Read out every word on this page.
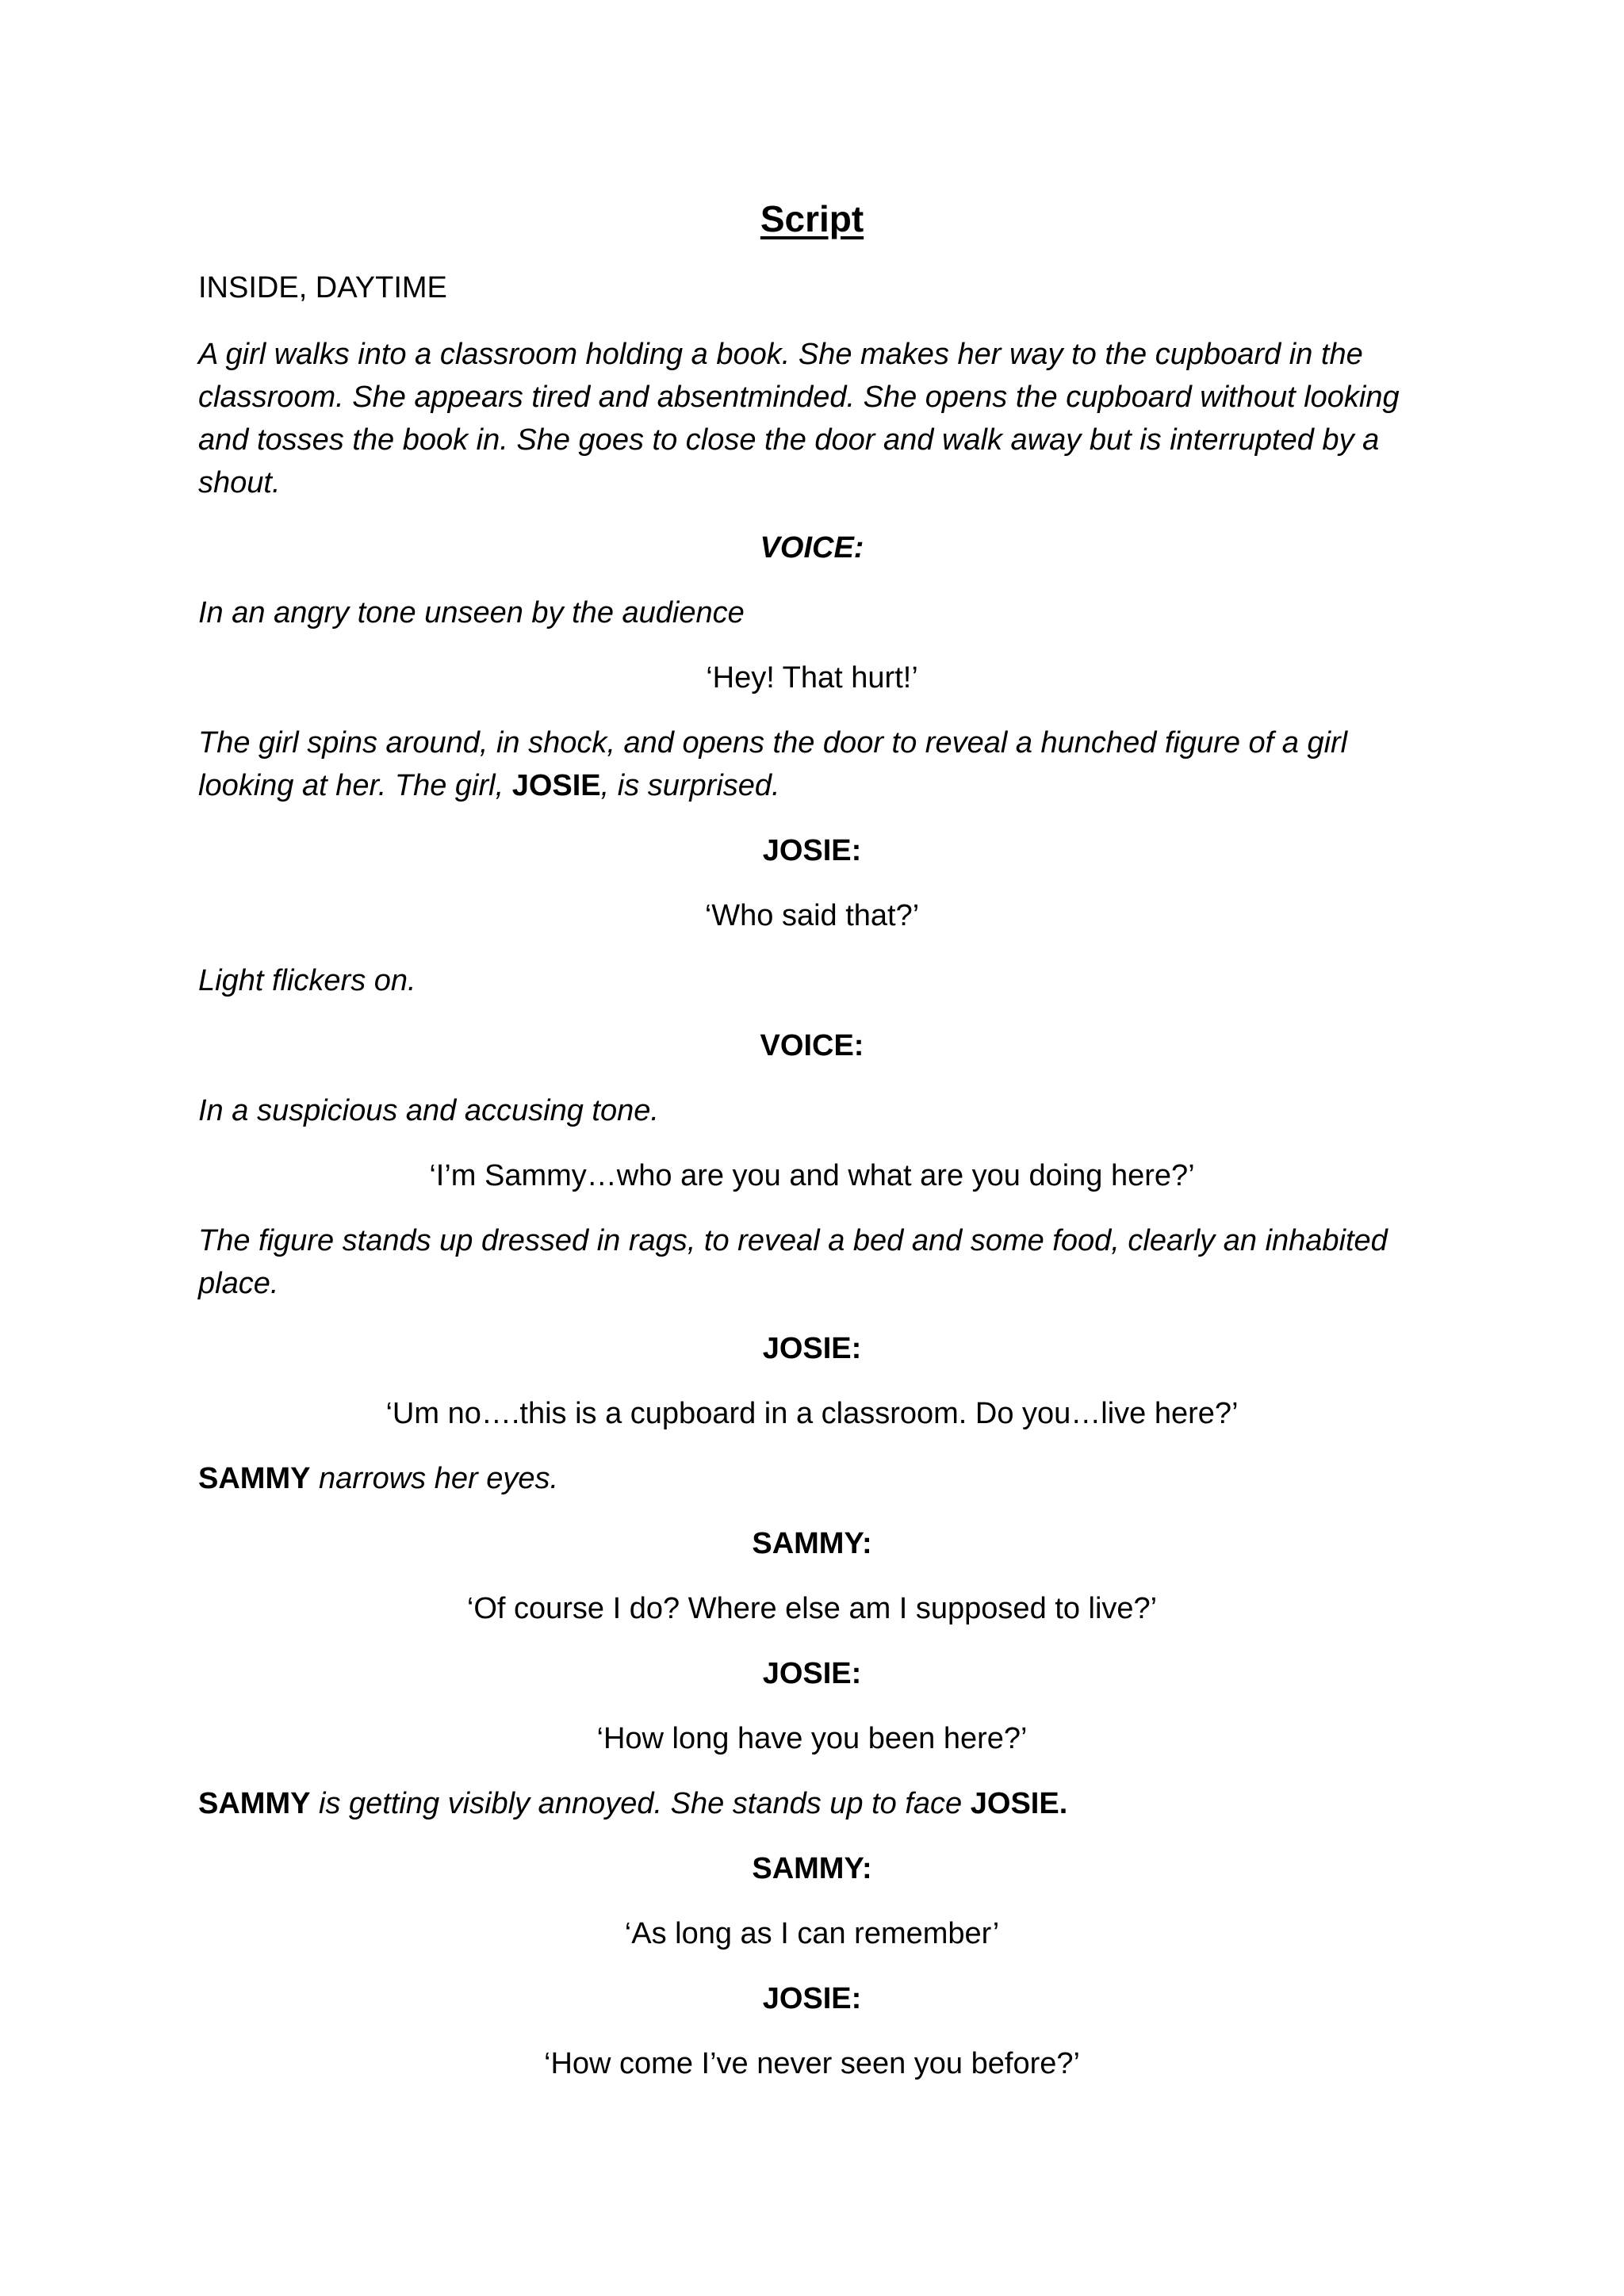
Script

INSIDE, DAYTIME

A girl walks into a classroom holding a book. She makes her way to the cupboard in the classroom. She appears tired and absentminded. She opens the cupboard without looking and tosses the book in. She goes to close the door and walk away but is interrupted by a shout.

VOICE:

In an angry tone unseen by the audience

‘Hey! That hurt!’

The girl spins around, in shock, and opens the door to reveal a hunched figure of a girl looking at her. The girl, JOSIE, is surprised.

JOSIE:

‘Who said that?’

Light flickers on.

VOICE:

In a suspicious and accusing tone.

‘I’m Sammy…who are you and what are you doing here?’

The figure stands up dressed in rags, to reveal a bed and some food, clearly an inhabited place.

JOSIE:

‘Um no….this is a cupboard in a classroom. Do you…live here?’

SAMMY narrows her eyes.

SAMMY:

‘Of course I do? Where else am I supposed to live?’

JOSIE:

‘How long have you been here?’

SAMMY is getting visibly annoyed. She stands up to face JOSIE.

SAMMY:

‘As long as I can remember’

JOSIE:

‘How come I’ve never seen you before?’
